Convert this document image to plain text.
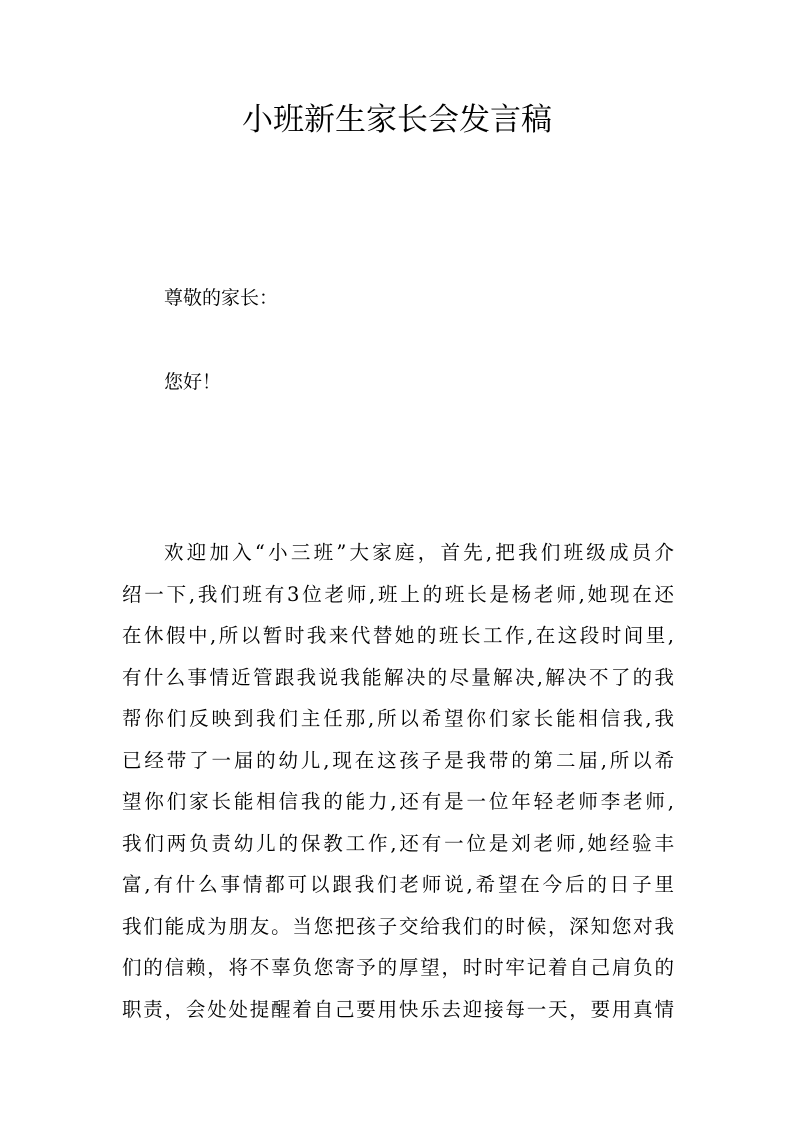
小班新生家长会发言稿

尊敬的家长：

您好！

欢迎加入“小三班”大家庭，首先,把我们班级成员介
绍一下,我们班有3位老师,班上的班长是杨老师,她现在还
在休假中,所以暂时我来代替她的班长工作,在这段时间里,
有什么事情近管跟我说我能解决的尽量解决,解决不了的我
帮你们反映到我们主任那,所以希望你们家长能相信我,我
已经带了一届的幼儿,现在这孩子是我带的第二届,所以希
望你们家长能相信我的能力,还有是一位年轻老师李老师,
我们两负责幼儿的保教工作,还有一位是刘老师,她经验丰
富,有什么事情都可以跟我们老师说,希望在今后的日子里
我们能成为朋友。当您把孩子交给我们的时候，深知您对我
们的信赖，将不辜负您寄予的厚望，时时牢记着自己肩负的
职责，会处处提醒着自己要用快乐去迎接每一天，要用真情
